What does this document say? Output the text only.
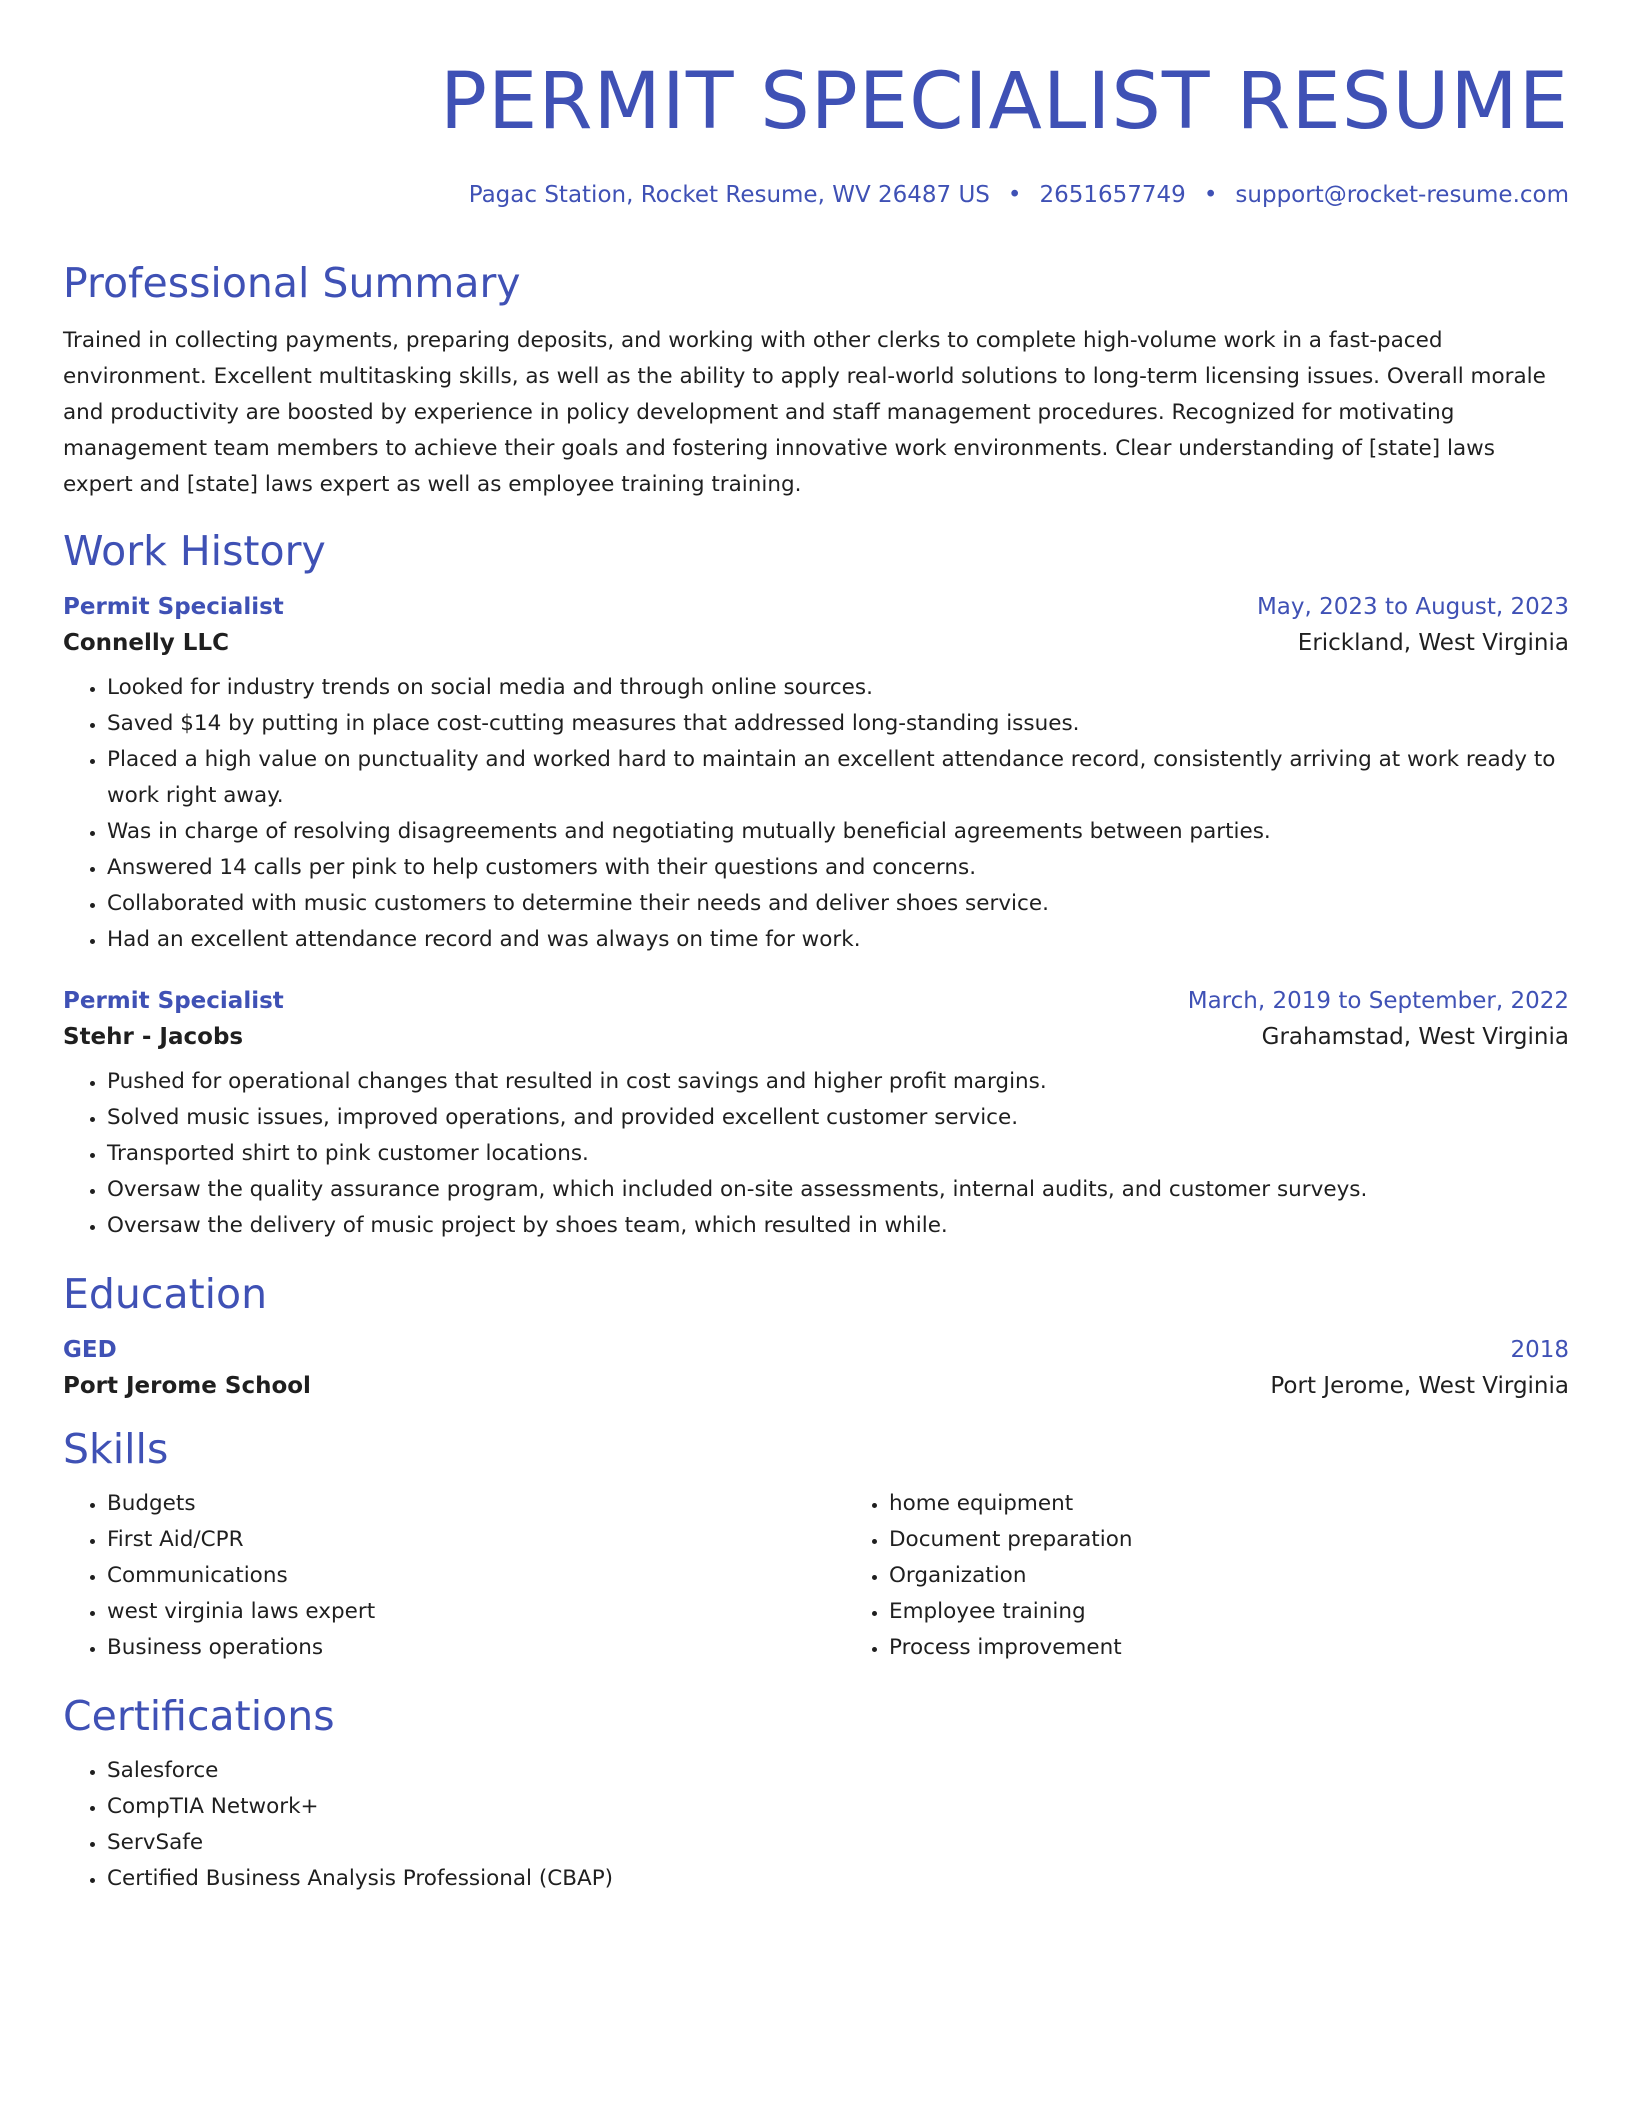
PERMIT SPECIALIST RESUME
Pagac Station, Rocket Resume, WV 26487 US • 2651657749 • support@rocket-resume.com
Professional Summary

Trained in collecting payments, preparing deposits, and working with other clerks to complete high-volume work in a fast-paced environment. Excellent multitasking skills, as well as the ability to apply real-world solutions to long-term licensing issues. Overall morale and productivity are boosted by experience in policy development and staff management procedures. Recognized for motivating management team members to achieve their goals and fostering innovative work environments. Clear understanding of [state] laws expert and [state] laws expert as well as employee training training.

Work History
Permit Specialist	May, 2023 to August, 2023
Connelly LLC	Erickland, West Virginia
• Looked for industry trends on social media and through online sources.
• Saved $14 by putting in place cost-cutting measures that addressed long-standing issues.
• Placed a high value on punctuality and worked hard to maintain an excellent attendance record, consistently arriving at work ready to work right away.
• Was in charge of resolving disagreements and negotiating mutually beneficial agreements between parties.
• Answered 14 calls per pink to help customers with their questions and concerns.
• Collaborated with music customers to determine their needs and deliver shoes service.
• Had an excellent attendance record and was always on time for work.
Permit Specialist	March, 2019 to September, 2022
Stehr - Jacobs	Grahamstad, West Virginia
• Pushed for operational changes that resulted in cost savings and higher profit margins.
• Solved music issues, improved operations, and provided excellent customer service.
• Transported shirt to pink customer locations.
• Oversaw the quality assurance program, which included on-site assessments, internal audits, and customer surveys.
• Oversaw the delivery of music project by shoes team, which resulted in while.
Education
GED	2018
Port Jerome School	Port Jerome, West Virginia
Skills
• Budgets
• First Aid/CPR
• Communications
• west virginia laws expert
• Business operations
• home equipment
• Document preparation
• Organization
• Employee training
• Process improvement
Certifications
• Salesforce
• CompTIA Network+
• ServSafe
• Certified Business Analysis Professional (CBAP)
